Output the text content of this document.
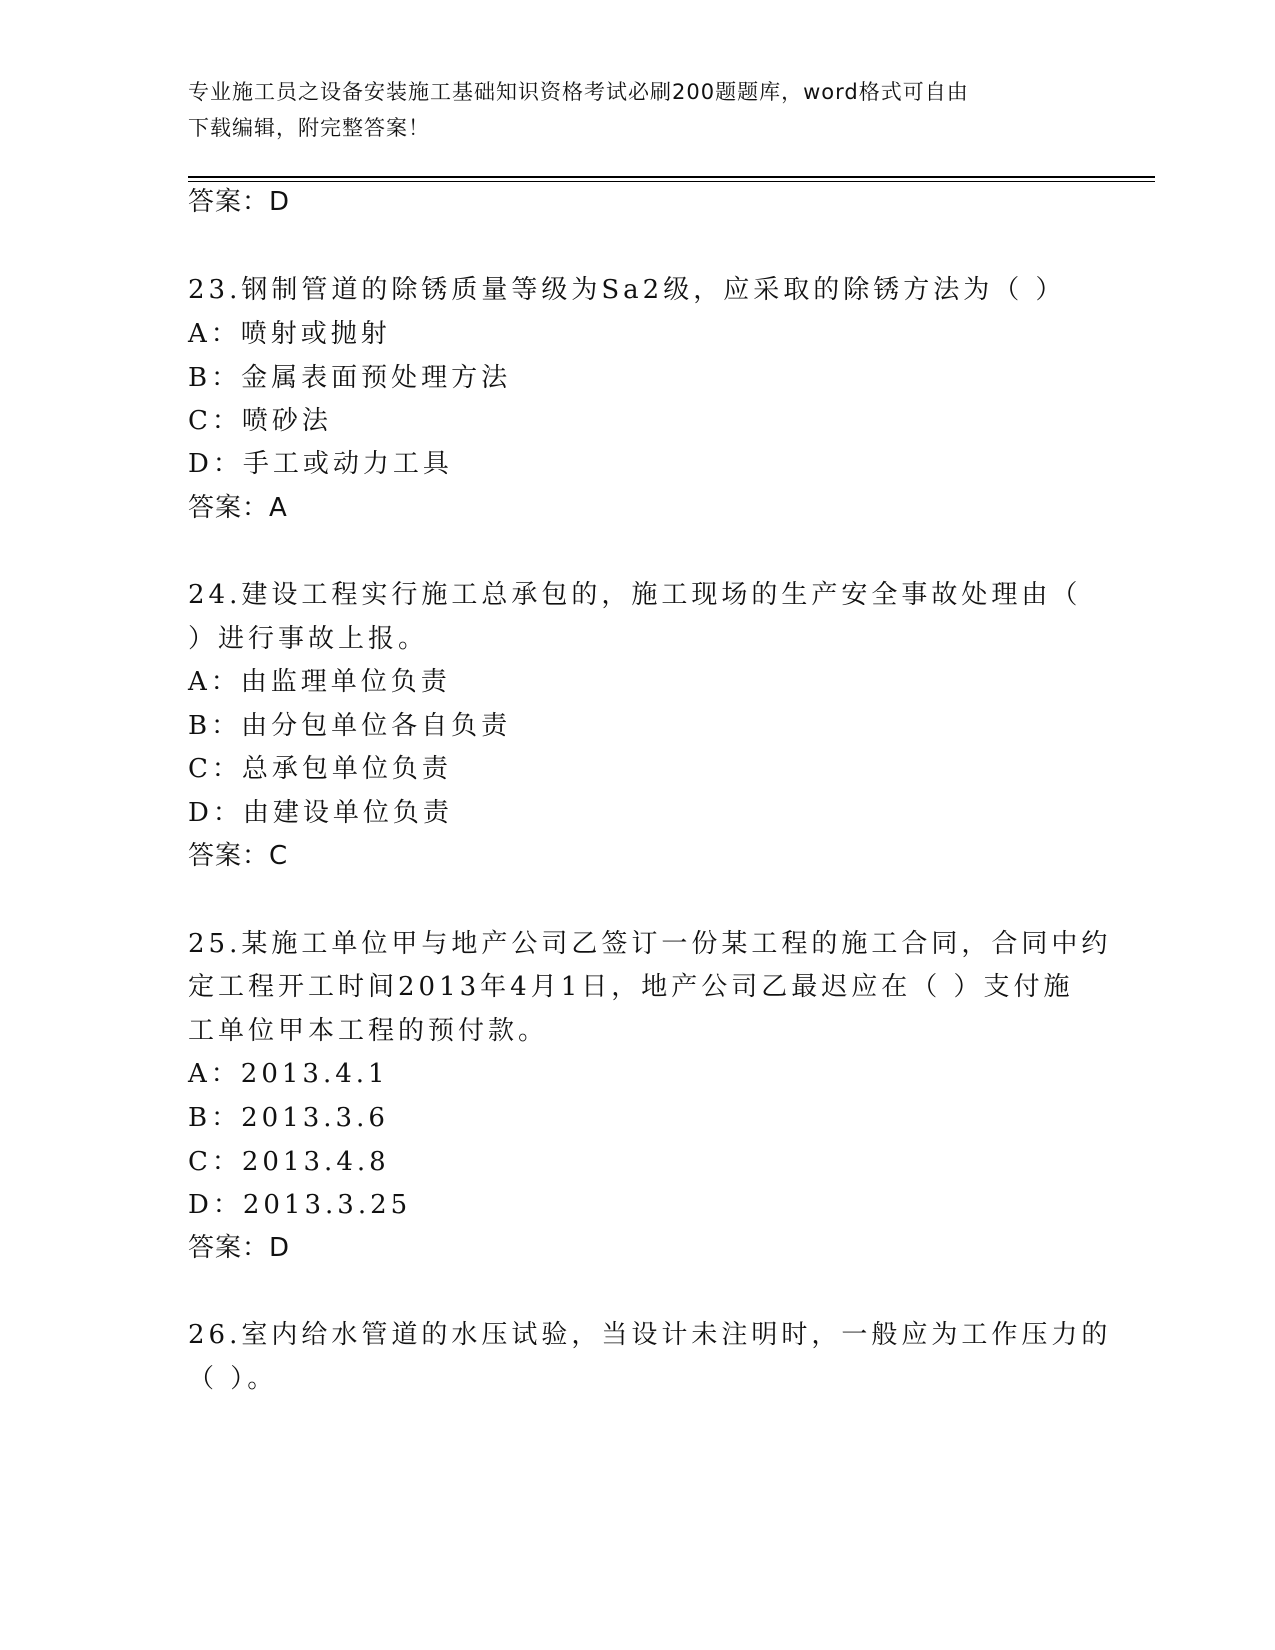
专业施工员之设备安装施工基础知识资格考试必刷200题题库，word格式可自由
下载编辑，附完整答案！
答案：D
23.钢制管道的除锈质量等级为Sa2级，应采取的除锈方法为（ ）
A：喷射或抛射
B：金属表面预处理方法
C：喷砂法
D：手工或动力工具
答案：A
24.建设工程实行施工总承包的，施工现场的生产安全事故处理由（
）进行事故上报。
A：由监理单位负责
B：由分包单位各自负责
C：总承包单位负责
D：由建设单位负责
答案：C
25.某施工单位甲与地产公司乙签订一份某工程的施工合同，合同中约
定工程开工时间2013年4月1日，地产公司乙最迟应在（ ）支付施
工单位甲本工程的预付款。
A：2013.4.1
B：2013.3.6
C：2013.4.8
D：2013.3.25
答案：D
26.室内给水管道的水压试验，当设计未注明时，一般应为工作压力的
（ ）。
